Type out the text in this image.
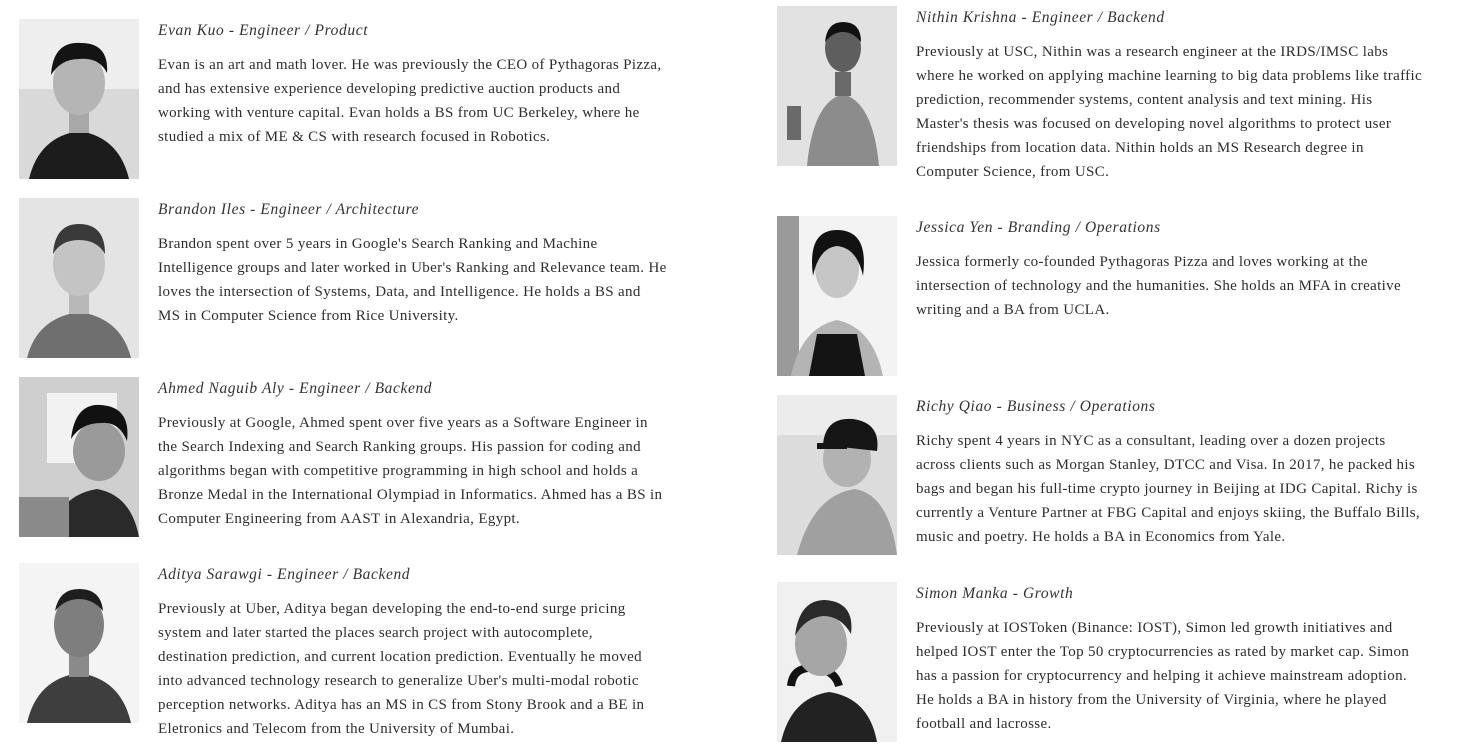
Evan Kuo - Engineer / Product
Evan is an art and math lover. He was previously the CEO of Pythagoras Pizza,
and has extensive experience developing predictive auction products and
working with venture capital. Evan holds a BS from UC Berkeley, where he
studied a mix of ME & CS with research focused in Robotics.
Brandon Iles - Engineer / Architecture
Brandon spent over 5 years in Google's Search Ranking and Machine
Intelligence groups and later worked in Uber's Ranking and Relevance team. He
loves the intersection of Systems, Data, and Intelligence. He holds a BS and
MS in Computer Science from Rice University.
Ahmed Naguib Aly - Engineer / Backend
Previously at Google, Ahmed spent over five years as a Software Engineer in
the Search Indexing and Search Ranking groups. His passion for coding and
algorithms began with competitive programming in high school and holds a
Bronze Medal in the International Olympiad in Informatics. Ahmed has a BS in
Computer Engineering from AAST in Alexandria, Egypt.
Aditya Sarawgi - Engineer / Backend
Previously at Uber, Aditya began developing the end-to-end surge pricing
system and later started the places search project with autocomplete,
destination prediction, and current location prediction. Eventually he moved
into advanced technology research to generalize Uber's multi-modal robotic
perception networks. Aditya has an MS in CS from Stony Brook and a BE in
Eletronics and Telecom from the University of Mumbai.
Nithin Krishna - Engineer / Backend
Previously at USC, Nithin was a research engineer at the IRDS/IMSC labs
where he worked on applying machine learning to big data problems like traffic
prediction, recommender systems, content analysis and text mining. His
Master's thesis was focused on developing novel algorithms to protect user
friendships from location data. Nithin holds an MS Research degree in
Computer Science, from USC.
Jessica Yen - Branding / Operations
Jessica formerly co-founded Pythagoras Pizza and loves working at the
intersection of technology and the humanities. She holds an MFA in creative
writing and a BA from UCLA.
Richy Qiao - Business / Operations
Richy spent 4 years in NYC as a consultant, leading over a dozen projects
across clients such as Morgan Stanley, DTCC and Visa. In 2017, he packed his
bags and began his full-time crypto journey in Beijing at IDG Capital. Richy is
currently a Venture Partner at FBG Capital and enjoys skiing, the Buffalo Bills,
music and poetry. He holds a BA in Economics from Yale.
Simon Manka - Growth
Previously at IOSToken (Binance: IOST), Simon led growth initiatives and
helped IOST enter the Top 50 cryptocurrencies as rated by market cap. Simon
has a passion for cryptocurrency and helping it achieve mainstream adoption.
He holds a BA in history from the University of Virginia, where he played
football and lacrosse.
